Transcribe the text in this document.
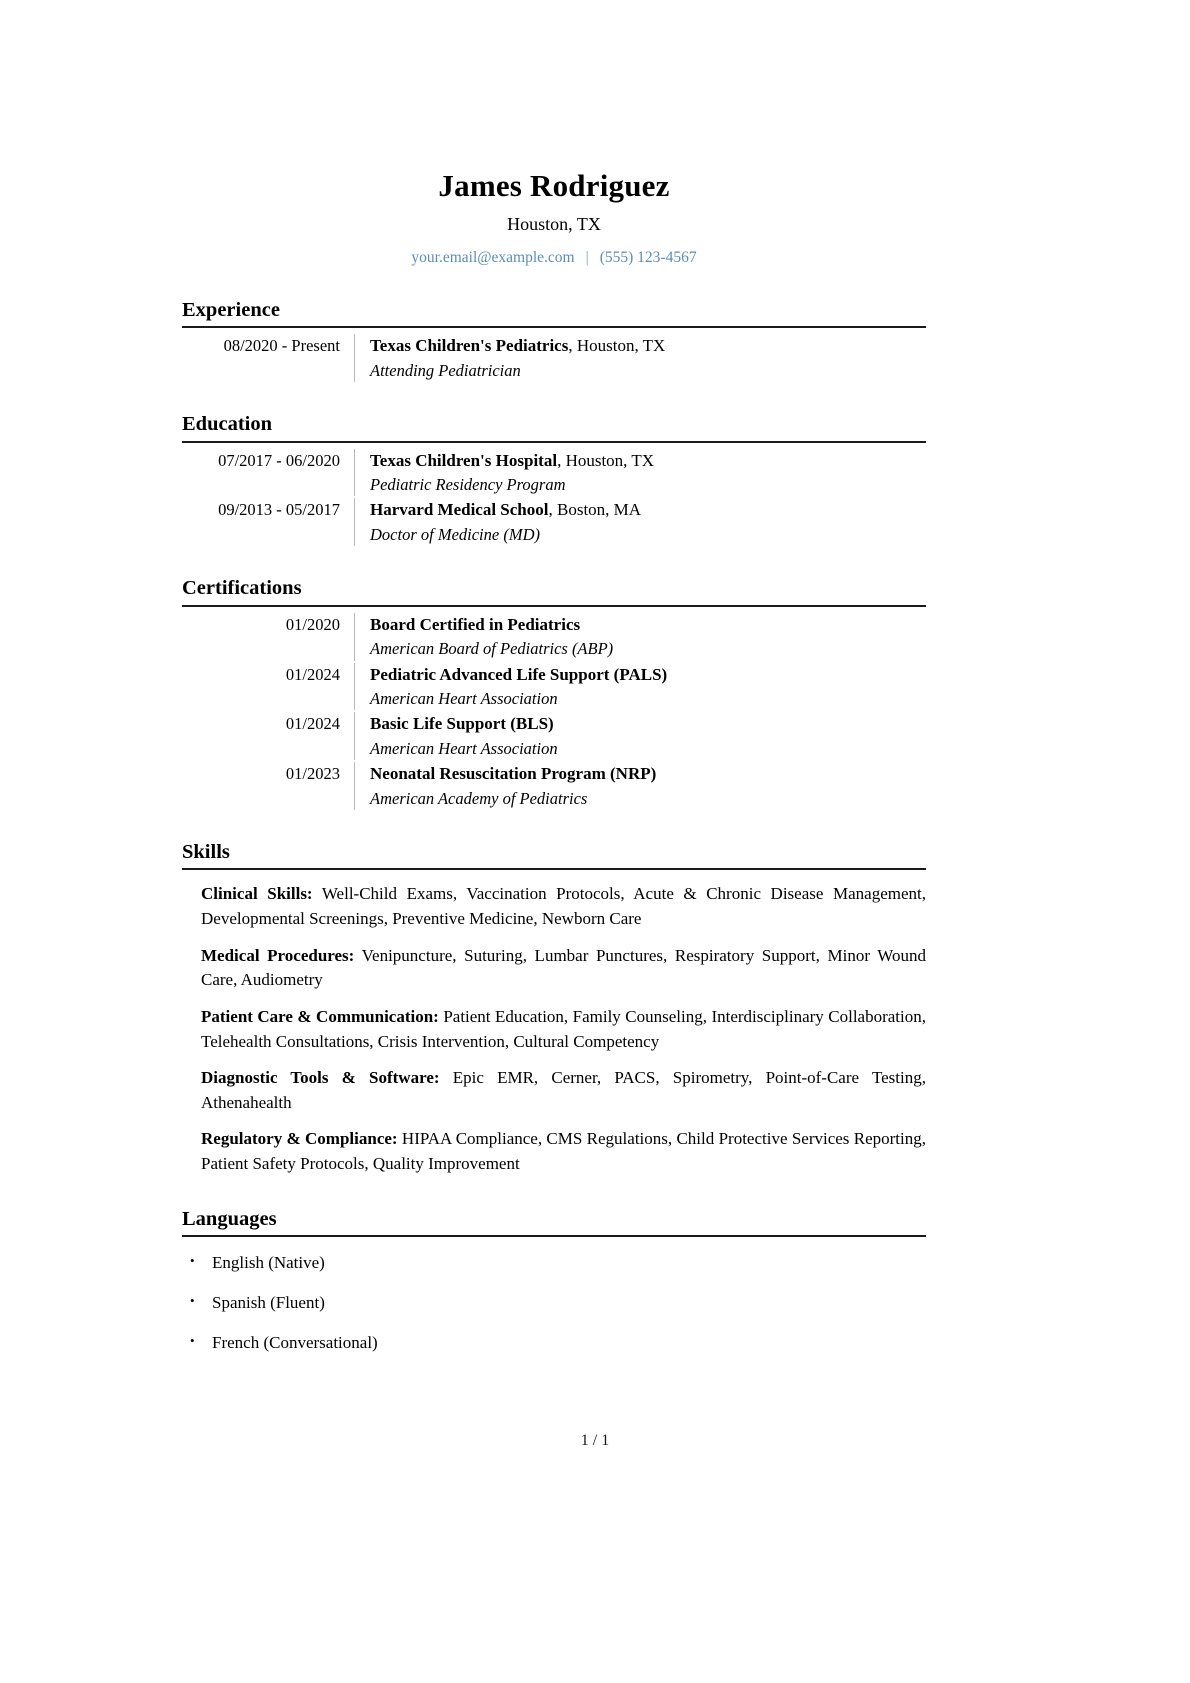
James Rodriguez
Houston, TX
your.email@example.com | (555) 123-4567
Experience
08/2020 - Present	Texas Children's Pediatrics, Houston, TX
Attending Pediatrician
Education
07/2017 - 06/2020	Texas Children's Hospital, Houston, TX
Pediatric Residency Program
09/2013 - 05/2017	Harvard Medical School, Boston, MA
Doctor of Medicine (MD)
Certifications
01/2020	Board Certified in Pediatrics
American Board of Pediatrics (ABP)
01/2024	Pediatric Advanced Life Support (PALS)
American Heart Association
01/2024	Basic Life Support (BLS)
American Heart Association
01/2023	Neonatal Resuscitation Program (NRP)
American Academy of Pediatrics
Skills

Clinical Skills: Well-Child Exams, Vaccination Protocols, Acute & Chronic Disease Management, Developmental Screenings, Preventive Medicine, Newborn Care

Medical Procedures: Venipuncture, Suturing, Lumbar Punctures, Respiratory Support, Minor Wound Care, Audiometry

Patient Care & Communication: Patient Education, Family Counseling, Interdisciplinary Collaboration, Telehealth Consultations, Crisis Intervention, Cultural Competency

Diagnostic Tools & Software: Epic EMR, Cerner, PACS, Spirometry, Point-of-Care Testing, Athenahealth

Regulatory & Compliance: HIPAA Compliance, CMS Regulations, Child Protective Services Reporting, Patient Safety Protocols, Quality Improvement

Languages
• English (Native)
• Spanish (Fluent)
• French (Conversational)
1 / 1
